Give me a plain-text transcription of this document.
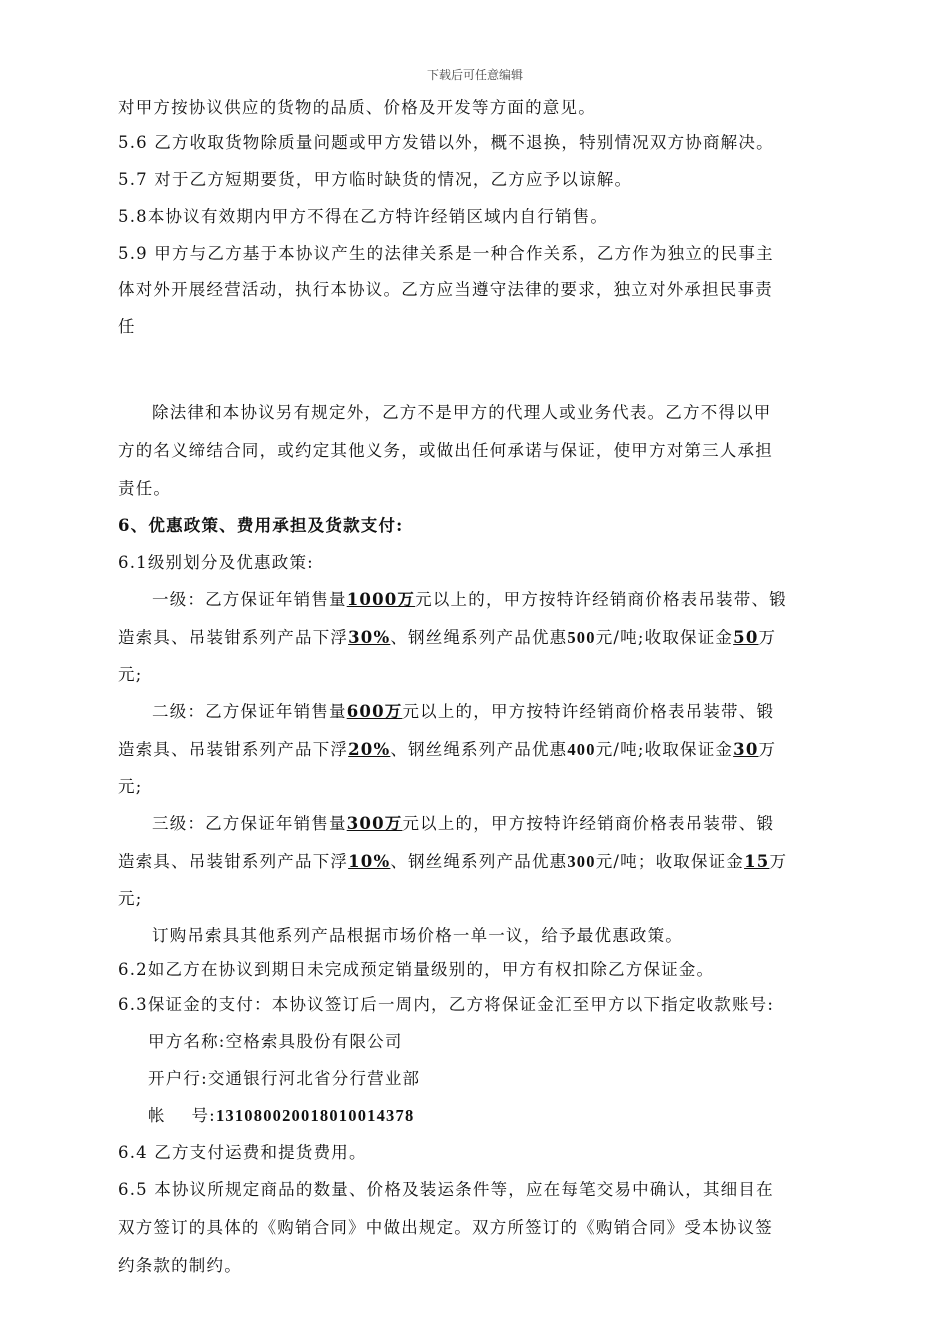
下载后可任意编辑
对甲方按协议供应的货物的品质、价格及开发等方面的意见。
5.6 乙方收取货物除质量问题或甲方发错以外，概不退换，特别情况双方协商解决。
5.7 对于乙方短期要货，甲方临时缺货的情况，乙方应予以谅解。
5.8本协议有效期内甲方不得在乙方特许经销区域内自行销售。
5.9 甲方与乙方基于本协议产生的法律关系是一种合作关系，乙方作为独立的民事主
体对外开展经营活动，执行本协议。乙方应当遵守法律的要求，独立对外承担民事责
任
除法律和本协议另有规定外，乙方不是甲方的代理人或业务代表。乙方不得以甲
方的名义缔结合同，或约定其他义务，或做出任何承诺与保证，使甲方对第三人承担
责任。
6、优惠政策、费用承担及货款支付:
6.1级别划分及优惠政策:
一级：乙方保证年销售量1000万元以上的，甲方按特许经销商价格表吊装带、锻
造索具、吊装钳系列产品下浮30%、钢丝绳系列产品优惠500元/吨;收取保证金50万
元;
二级：乙方保证年销售量600万元以上的，甲方按特许经销商价格表吊装带、锻
造索具、吊装钳系列产品下浮20%、钢丝绳系列产品优惠400元/吨;收取保证金30万
元;
三级：乙方保证年销售量300万元以上的，甲方按特许经销商价格表吊装带、锻
造索具、吊装钳系列产品下浮10%、钢丝绳系列产品优惠300元/吨；收取保证金15万
元;
订购吊索具其他系列产品根据市场价格一单一议，给予最优惠政策。
6.2如乙方在协议到期日未完成预定销量级别的，甲方有权扣除乙方保证金。
6.3保证金的支付：本协议签订后一周内，乙方将保证金汇至甲方以下指定收款账号:
甲方名称:空格索具股份有限公司
开户行:交通银行河北省分行营业部
帐    号:131080020018010014378
6.4 乙方支付运费和提货费用。
6.5 本协议所规定商品的数量、价格及装运条件等，应在每笔交易中确认，其细目在
双方签订的具体的《购销合同》中做出规定。双方所签订的《购销合同》受本协议签
约条款的制约。
